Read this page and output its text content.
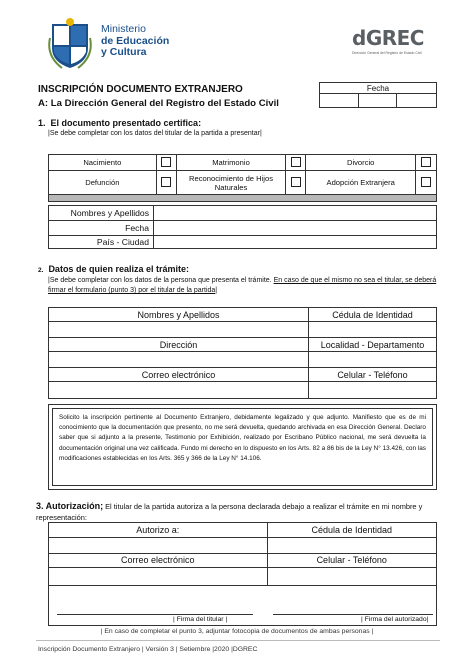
Ministerio
de Educación
y Cultura
dGREC
Dirección General del Registro de Estado Civil
INSCRIPCIÓN DOCUMENTO EXTRANJERO
A: La Dirección General del Registro del Estado Civil
Fecha

1. El documento presentado certifica:
|Se debe completar con los datos del titular de la partida a presentar|
Nacimiento		Matrimonio		Divorcio	
Defunción		Reconocimiento de Hijos Naturales		Adopción Extranjera	

Nombres y Apellidos	
Fecha	
País - Ciudad	
2. Datos de quien realiza el trámite:
|Se debe completar con los datos de la persona que presenta el trámite. En caso de que el mismo no sea el titular, se deberá firmar el formulario (punto 3) por el titular de la partida|
Nombres y Apellidos	Cédula de Identidad

Dirección	Localidad - Departamento

Correo electrónico	Celular - Teléfono

Solicito la inscripción pertinente al Documento Extranjero, debidamente legalizado y que adjunto. Manifiesto que es de mi conocimiento que la documentación que presento, no me será devuelta, quedando archivada en esa Dirección General. Declaro saber que si adjunto a la presente, Testimonio por Exhibición, realizado por Escribano Público nacional, me será devuelta la documentación original una vez calificada. Fundo mi derecho en lo dispuesto en los Arts. 82 a 86 bis de la Ley N° 13.426, con las modificaciones establecidas en los Arts. 365 y 366 de la Ley N° 14.106.
3. Autorización; El titular de la partida autoriza a la persona declarada debajo a realizar el trámite en mi nombre y representación:
Autorizo a:	Cédula de Identidad

Correo electrónico	Celular - Teléfono

| Firma del titular |	| Firma del autorizado|
| En caso de completar el punto 3, adjuntar fotocopia de documentos de ambas personas |
Inscripción Documento Extranjero | Versión 3 | Setiembre |2020 |DGREC
